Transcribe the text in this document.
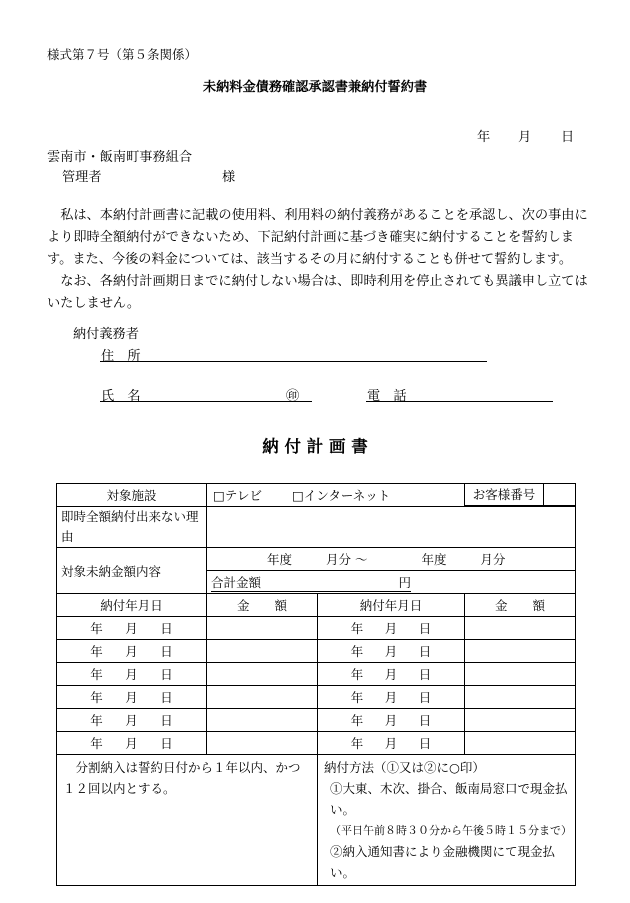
様式第７号（第５条関係）
未納料金債務確認承認書兼納付誓約書
年 月 日
雲南市・飯南町事務組合
管理者	様

私は、本納付計画書に記載の使用料、利用料の納付義務があることを承認し、次の事由により即時全額納付ができないため、下記納付計画に基づき確実に納付することを誓約します。また、今後の料金については、該当するその月に納付することも併せて誓約します。

なお、各納付計画期日までに納付しない場合は、即時利用を停止されても異議申し立てはいたしません。

納付義務者
住　所
氏　名	㊞	電　話
納 付 計 画 書
対象施設	□テレビ □インターネット		お客様番号

即時全額納付出来ない理由			
対象未納金額内容	年度 月分 〜 年度 月分		
	合計金額 円		

納付年月日	金　　額	納付年月日	金　　額

年 月 日		年 月 日	

年 月 日		年 月 日	

年 月 日		年 月 日	

年 月 日		年 月 日	

年 月 日		年 月 日	

年 月 日		年 月 日	

分割納入は誓約日付から１年以内、かつ１２回以内とする。		納付方法（①又は②に○印）
①大東、木次、掛合、飯南局窓口で現金払い。
（平日午前８時３０分から午後５時１５分まで）
②納入通知書により金融機関にて現金払い。	
